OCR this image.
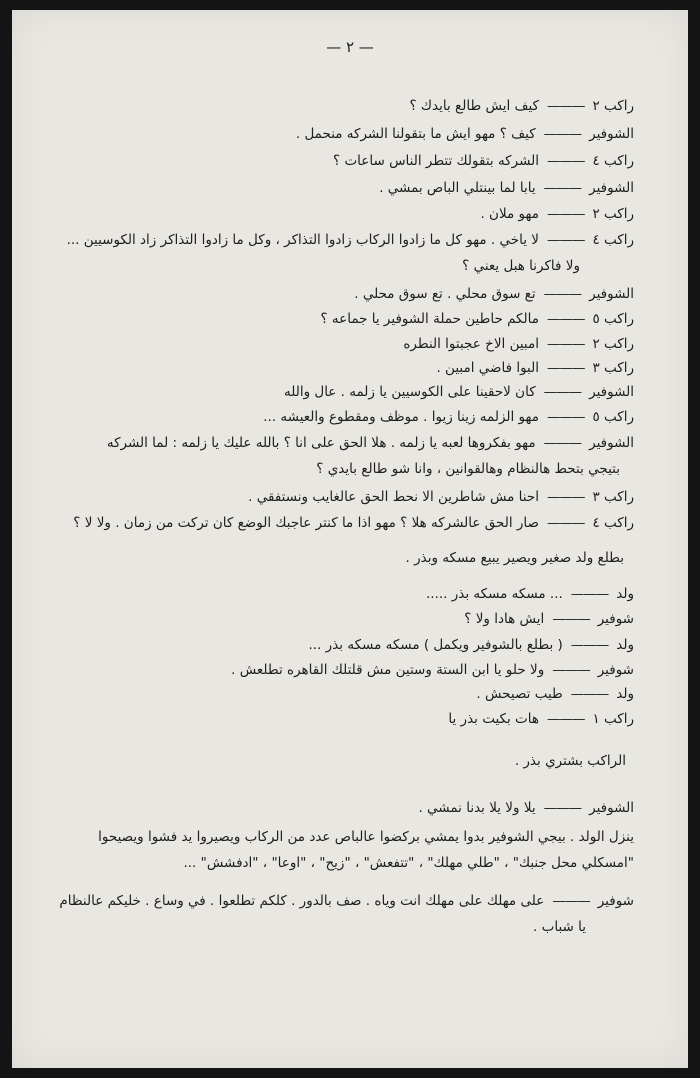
— ٢ —
راكب ٢———كيف ايش طالع بايدك ؟
الشوفير———كيف ؟ مهو ايش ما بتقولنا الشركه منحمل .
راكب ٤———الشركه بتقولك تتطر الناس ساعات ؟
الشوفير———يابا لما بينتلي الباص بمشي .
راكب ٢———مهو ملان .
راكب ٤———لا ياخي . مهو كل ما زادوا الركاب زادوا التذاكر ، وكل ما زادوا التذاكر زاد الكوسيين ...
ولا فاكرنا هبل يعني ؟
الشوفير———تع سوق محلي . تع سوق محلي .
راكب ٥———مالكم حاطين حملة الشوفير يا جماعه ؟
راكب ٢———امبين الاخ عجبتوا النطره
راكب ٣———البوا فاضي امبين .
الشوفير———كان لاحقينا على الكوسيين يا زلمه . عال والله
راكب ٥———مهو الزلمه زينا زيوا . موظف ومقطوع والعيشه ...
الشوفير———مهو بفكروها لعبه يا زلمه . هلا الحق على انا ؟ بالله عليك يا زلمه : لما الشركه
بتيجي بتحط هالنظام وهالقوانين ، وانا شو طالع بايدي ؟
راكب ٣———احنا مش شاطرين الا نحط الحق عالغايب ونستفقي .
راكب ٤———صار الحق عالشركه هلا ؟ مهو اذا ما كنتر عاجبك الوضع كان تركت من زمان . ولا لا ؟
بطلع ولد صغير ويصير يبيع مسكه وبذر .
ولد———... مسكه مسكه بذر .....
شوفير———ايش هادا ولا ؟
ولد———( بطلع بالشوفير ويكمل ) مسكه مسكه بذر ...
شوفير———ولا حلو يا ابن الستة وستين مش قلتلك القاهره تطلعش .
ولد———طيب تصيحش .
راكب ١———هات بكيت بذر يا
الراكب بشتري بذر .
الشوفير———يلا ولا يلا بدنا نمشي .
ينزل الولد . بيجي الشوفير بدوا يمشي بركضوا عالباص عدد من الركاب ويصيروا يد فشوا ويصيحوا
"امسكلي محل جنبك" ، "طلي مهلك" ، "تتفعش" ، "زيح" ، "اوعا" ، "ادفشش" ...
شوفير———على مهلك على مهلك انت وياه . صف بالدور . كلكم تطلعوا . في وساع . خليكم عالنظام
يا شباب .
